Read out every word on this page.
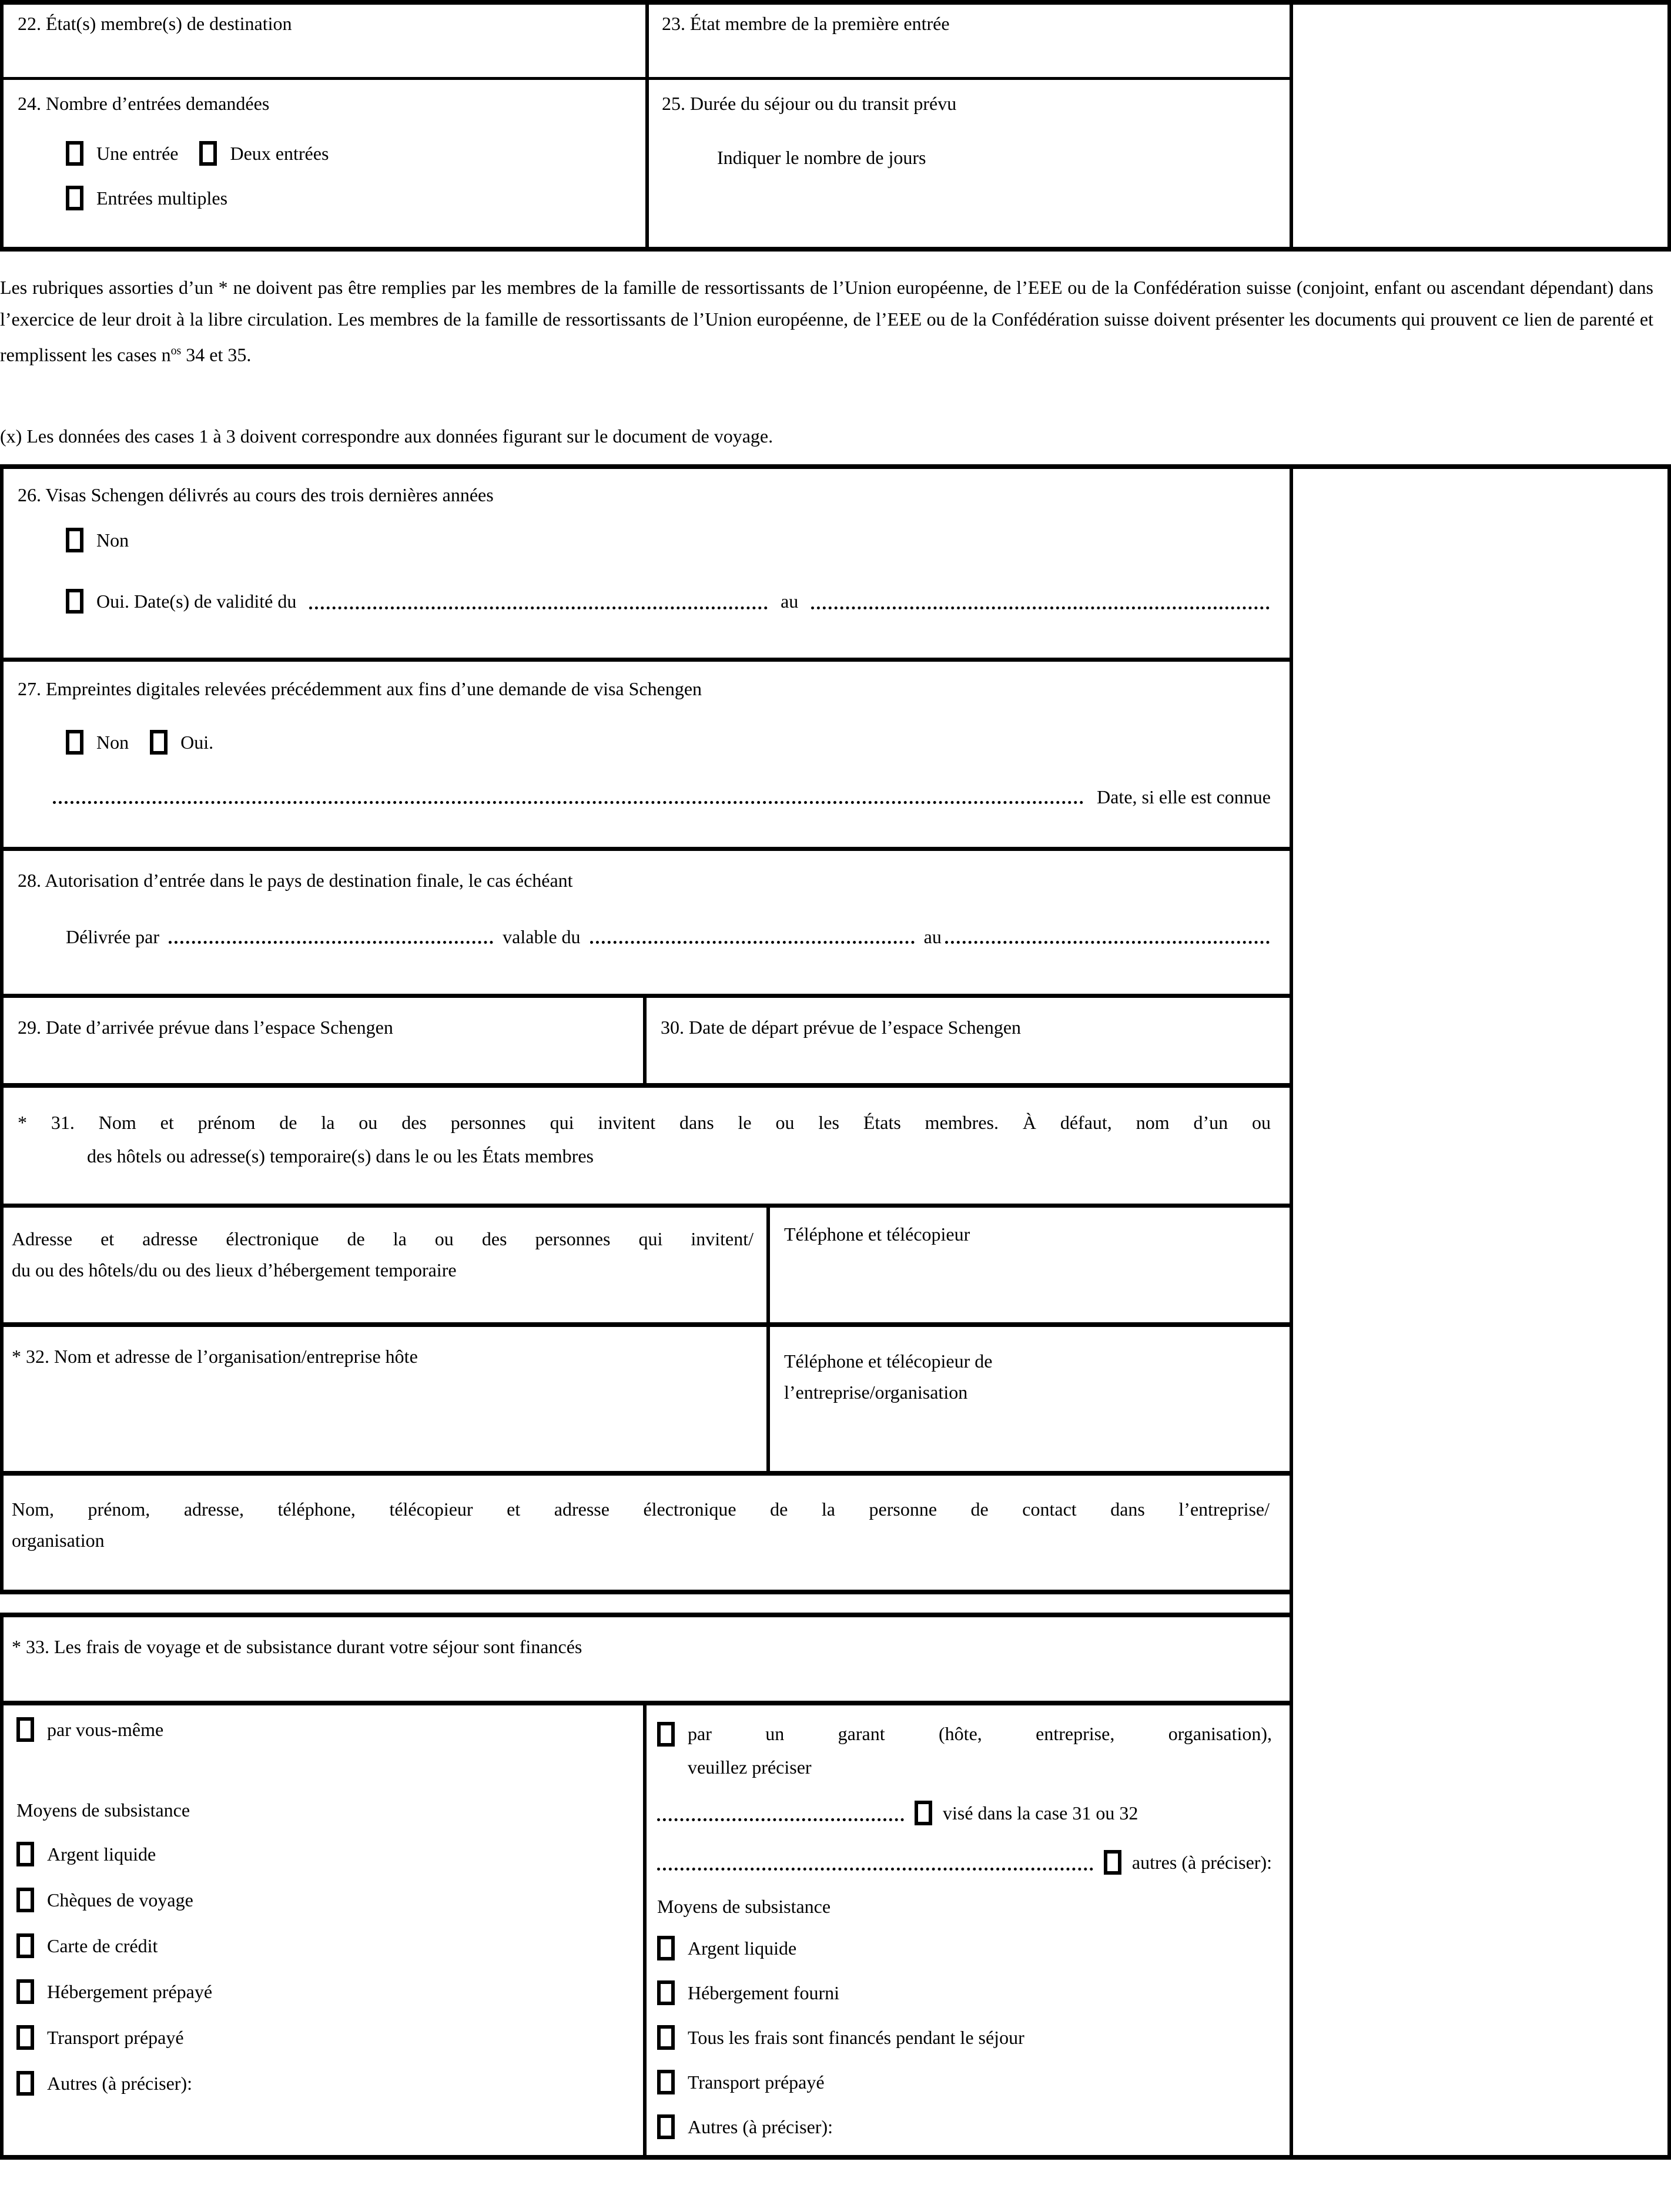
22. État(s) membre(s) de destination	23. État membre de la première entrée
24. Nombre d’entrées demandées
Une entrée	Deux entrées
Entrées multiples
25. Durée du séjour ou du transit prévu
Indiquer le nombre de jours
Les rubriques assorties d’un * ne doivent pas être remplies par les membres de la famille de ressortissants de l’Union européenne, de l’EEE ou de la Confédération suisse (conjoint, enfant ou ascendant dépendant) dans l’exercice de leur droit à la libre circulation. Les membres de la famille de ressortissants de l’Union européenne, de l’EEE ou de la Confédération suisse doivent présenter les documents qui prouvent ce lien de parenté et remplissent les cases $n^{os}$ 34 et 35.
(x) Les données des cases 1 à 3 doivent correspondre aux données figurant sur le document de voyage.
26. Visas Schengen délivrés au cours des trois dernières années
Non
Oui. Date(s) de validité du	au
27. Empreintes digitales relevées précédemment aux fins d’une demande de visa Schengen
Non	Oui.
Date, si elle est connue
28. Autorisation d’entrée dans le pays de destination finale, le cas échéant
Délivrée par	valable du	au
29. Date d’arrivée prévue dans l’espace Schengen	30. Date de départ prévue de l’espace Schengen
* 31. Nom et prénom de la ou des personnes qui invitent dans le ou les États membres. À défaut, nom d’un ou
des hôtels ou adresse(s) temporaire(s) dans le ou les États membres
Adresse et adresse électronique de la ou des personnes qui invitent/
du ou des hôtels/du ou des lieux d’hébergement temporaire
Téléphone et télécopieur
* 32. Nom et adresse de l’organisation/entreprise hôte	Téléphone et télécopieur de
l’entreprise/organisation
Nom, prénom, adresse, téléphone, télécopieur et adresse électronique de la personne de contact dans l’entreprise/
organisation
* 33. Les frais de voyage et de subsistance durant votre séjour sont financés
par vous-même
Moyens de subsistance
Argent liquide
Chèques de voyage
Carte de crédit
Hébergement prépayé
Transport prépayé
Autres (à préciser):
par un garant (hôte, entreprise, organisation),
veuillez préciser
visé dans la case 31 ou 32
autres (à préciser):
Moyens de subsistance
Argent liquide
Hébergement fourni
Tous les frais sont financés pendant le séjour
Transport prépayé
Autres (à préciser):
